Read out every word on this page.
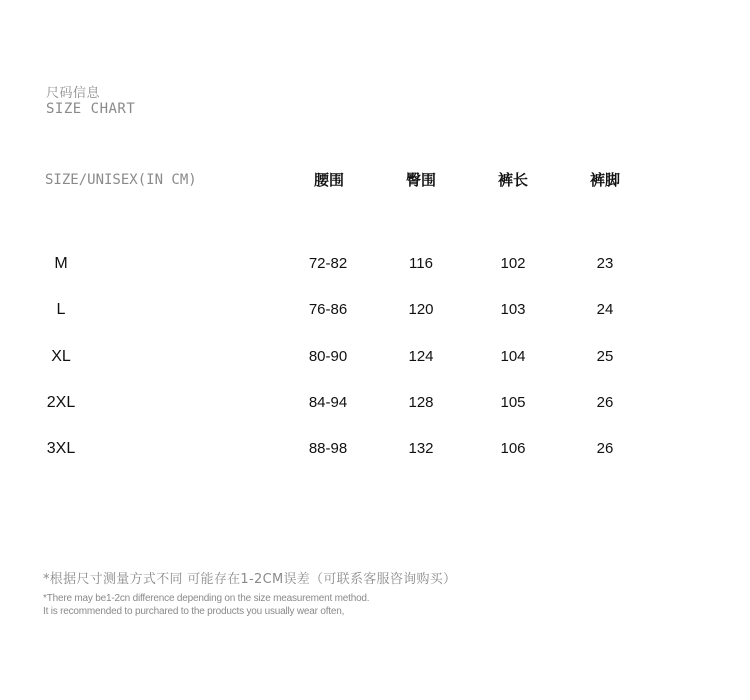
尺码信息
SIZE CHART
SIZE/UNISEX(IN CM)	腰围	臀围	裤长	裤脚
M	72-82	116	102	23
L	76-86	120	103	24
XL	80-90	124	104	25
2XL	84-94	128	105	26
3XL	88-98	132	106	26
*根据尺寸测量方式不同 可能存在1-2CM误差（可联系客服咨询购买）
*There may be1-2cn difference depending on the size measurement method.
It is recommended to purchared to the products you usually wear often,
